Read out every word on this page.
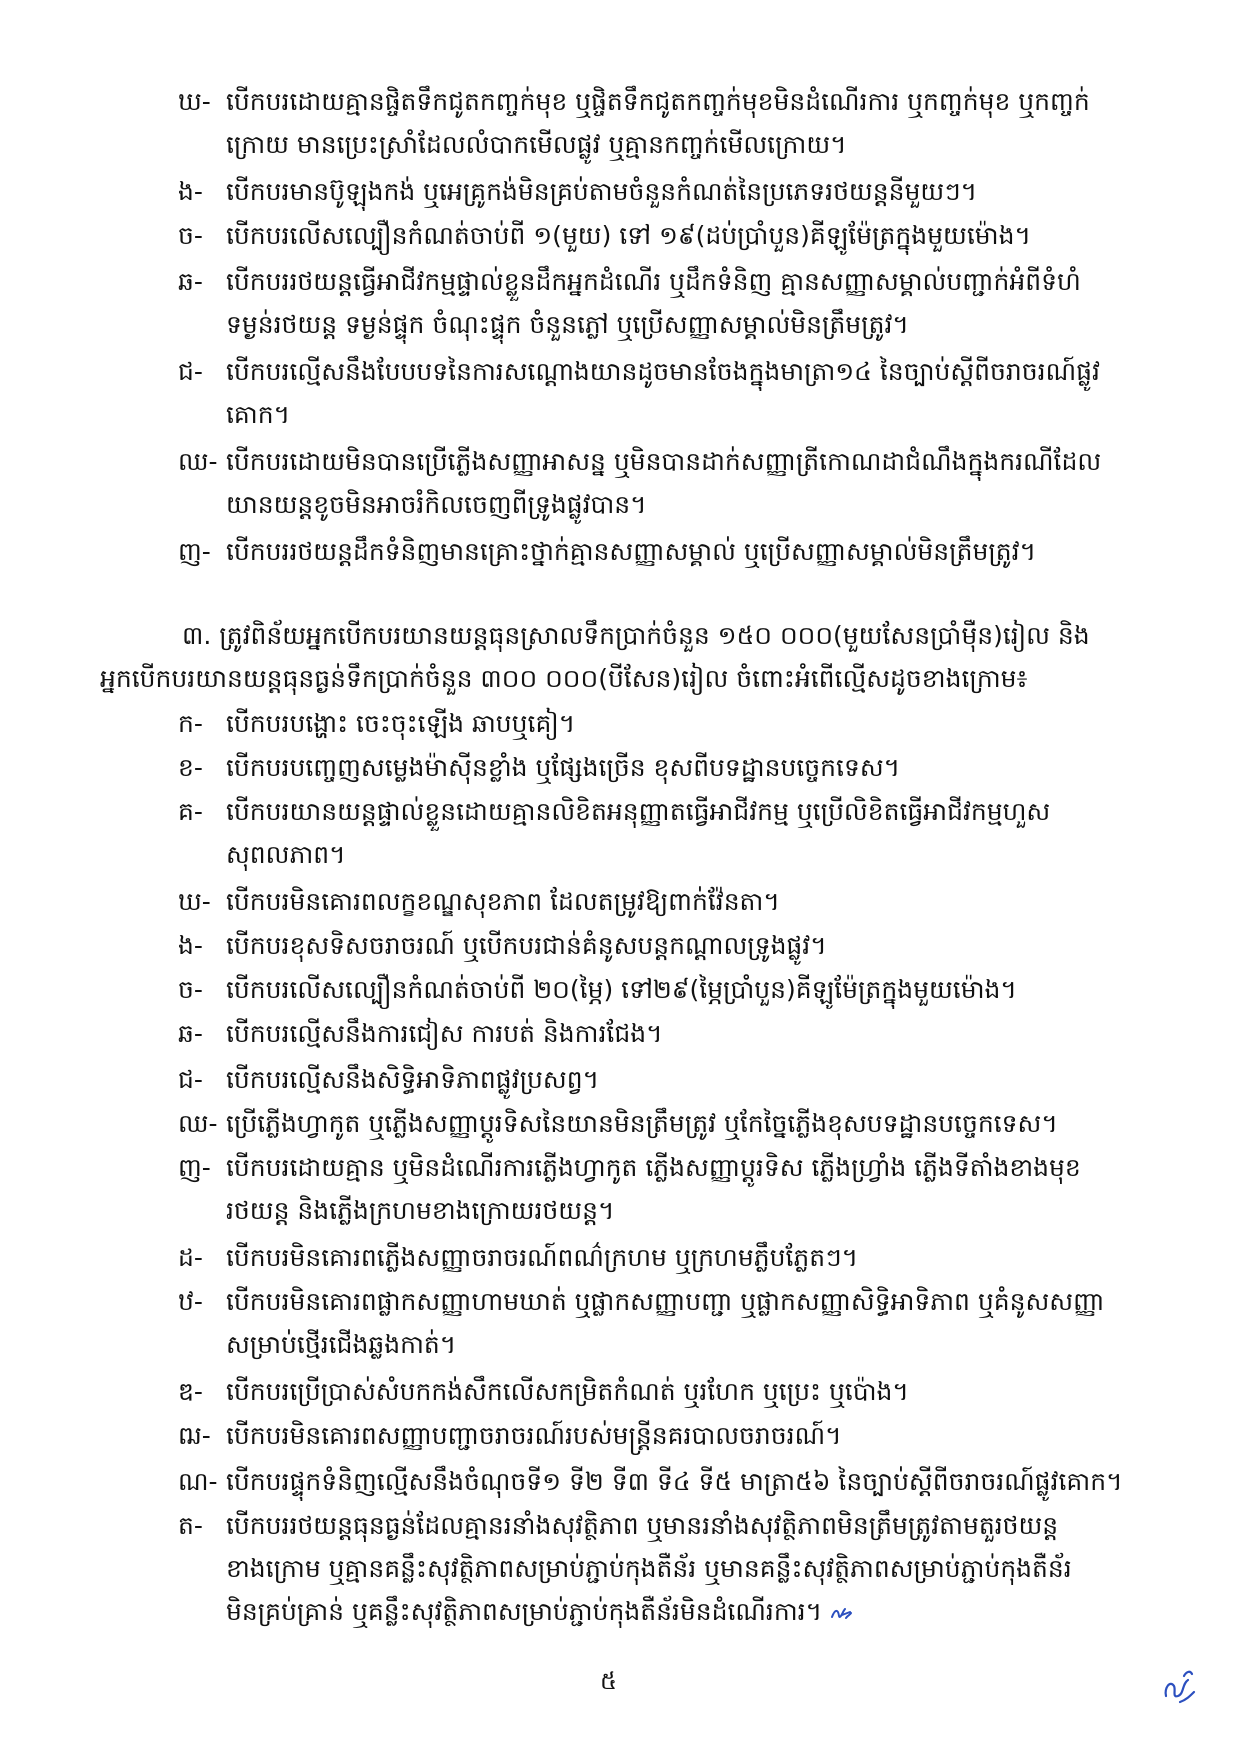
ឃ- បើកបរដោយគ្មានផ្ចិតទឹកជូតកញ្ចក់មុខ ឬផ្ចិតទឹកជូតកញ្ចក់មុខមិនដំណើរការ ឬកញ្ចក់មុខ ឬកញ្ចក់
ក្រោយ មានប្រេះស្រាំដែលលំបាកមើលផ្លូវ ឬគ្មានកញ្ចក់មើលក្រោយ។
ង- បើកបរមានប៊ូឡុងកង់ ឬអេគ្រូកង់មិនគ្រប់តាមចំនួនកំណត់នៃប្រភេទរថយន្តនីមួយៗ។
ច- បើកបរលើសល្បឿនកំណត់ចាប់ពី ១(មួយ) ទៅ ១៩(ដប់ប្រាំបួន)គីឡូម៉ែត្រក្នុងមួយម៉ោង។
ឆ- បើកបររថយន្តធ្វើអាជីវកម្មផ្ទាល់ខ្លួនដឹកអ្នកដំណើរ ឬដឹកទំនិញ គ្មានសញ្ញាសម្គាល់បញ្ជាក់អំពីទំហំ
ទម្ងន់រថយន្ត ទម្ងន់ផ្ទុក ចំណុះផ្ទុក ចំនួនភ្លៅ ឬប្រើសញ្ញាសម្គាល់មិនត្រឹមត្រូវ។
ជ- បើកបរល្មើសនឹងបែបបទនៃការសណ្តោងយានដូចមានចែងក្នុងមាត្រា១៤ នៃច្បាប់ស្តីពីចរាចរណ៍ផ្លូវ
គោក។
ឈ- បើកបរដោយមិនបានប្រើភ្លើងសញ្ញាអាសន្ន ឬមិនបានដាក់សញ្ញាត្រីកោណដាជំណឹងក្នុងករណីដែល
យានយន្តខូចមិនអាចរំកិលចេញពីទ្រូងផ្លូវបាន។
ញ- បើកបររថយន្តដឹកទំនិញមានគ្រោះថ្នាក់គ្មានសញ្ញាសម្គាល់ ឬប្រើសញ្ញាសម្គាល់មិនត្រឹមត្រូវ។
៣. ត្រូវពិន័យអ្នកបើកបរយានយន្តធុនស្រាលទឹកប្រាក់ចំនួន ១៥០ ០០០(មួយសែនប្រាំម៉ឺន)រៀល និង
អ្នកបើកបរយានយន្តធុនធ្ងន់ទឹកប្រាក់ចំនួន ៣០០ ០០០(បីសែន)រៀល ចំពោះអំពើល្មើសដូចខាងក្រោម៖
ក- បើកបរបង្ហោះ ចេះចុះឡើង ឆាបឬគៀ។
ខ- បើកបរបញ្ចេញសម្លេងម៉ាស៊ីនខ្លាំង ឬផ្សែងច្រើន ខុសពីបទដ្ឋានបច្ចេកទេស។
គ- បើកបរយានយន្តផ្ទាល់ខ្លួនដោយគ្មានលិខិតអនុញ្ញាតធ្វើអាជីវកម្ម ឬប្រើលិខិតធ្វើអាជីវកម្មហួស
សុពលភាព។
ឃ- បើកបរមិនគោរពលក្ខខណ្ឌសុខភាព ដែលតម្រូវឱ្យពាក់វ៉ែនតា។
ង- បើកបរខុសទិសចរាចរណ៍ ឬបើកបរជាន់គំនូសបន្តកណ្តាលទ្រូងផ្លូវ។
ច- បើកបរលើសល្បឿនកំណត់ចាប់ពី ២០(ម្ភៃ) ទៅ២៩(ម្ភៃប្រាំបួន)គីឡូម៉ែត្រក្នុងមួយម៉ោង។
ឆ- បើកបរល្មើសនឹងការជៀស ការបត់ និងការជែង។
ជ- បើកបរល្មើសនឹងសិទ្ធិអាទិភាពផ្លូវប្រសព្វ។
ឈ- ប្រើភ្លើងហ្វាកូត ឬភ្លើងសញ្ញាប្តូរទិសនៃយានមិនត្រឹមត្រូវ ឬកែច្នៃភ្លើងខុសបទដ្ឋានបច្ចេកទេស។
ញ- បើកបរដោយគ្មាន ឬមិនដំណើរការភ្លើងហ្វាកូត ភ្លើងសញ្ញាប្តូរទិស ភ្លើងហ្វ្រាំង ភ្លើងទីតាំងខាងមុខ
រថយន្ត និងភ្លើងក្រហមខាងក្រោយរថយន្ត។
ដ- បើកបរមិនគោរពភ្លើងសញ្ញាចរាចរណ៍ពណ៌ក្រហម ឬក្រហមភ្លឹបភ្លែតៗ។
ឋ- បើកបរមិនគោរពផ្លាកសញ្ញាហាមឃាត់ ឬផ្លាកសញ្ញាបញ្ជា ឬផ្លាកសញ្ញាសិទ្ធិអាទិភាព ឬគំនូសសញ្ញា
សម្រាប់ថ្មើរជើងឆ្លងកាត់។
ឌ- បើកបរប្រើប្រាស់សំបកកង់សឹកលើសកម្រិតកំណត់ ឬរហែក ឬប្រេះ ឬប៉ោង។
ឍ- បើកបរមិនគោរពសញ្ញាបញ្ជាចរាចរណ៍របស់មន្រ្តីនគរបាលចរាចរណ៍។
ណ- បើកបរផ្ទុកទំនិញល្មើសនឹងចំណុចទី១ ទី២ ទី៣ ទី៤ ទី៥ មាត្រា៥៦ នៃច្បាប់ស្តីពីចរាចរណ៍ផ្លូវគោក។
ត- បើកបររថយន្តធុនធ្ងន់ដែលគ្មានរនាំងសុវត្ថិភាព ឬមានរនាំងសុវត្ថិភាពមិនត្រឹមត្រូវតាមតួរថយន្ត
ខាងក្រោម ឬគ្មានគន្លឹះសុវត្ថិភាពសម្រាប់ភ្ជាប់កុងតឺន័រ ឬមានគន្លឹះសុវត្ថិភាពសម្រាប់ភ្ជាប់កុងតឺន័រ
មិនគ្រប់គ្រាន់ ឬគន្លឹះសុវត្ថិភាពសម្រាប់ភ្ជាប់កុងតឺន័រមិនដំណើរការ។
៥
